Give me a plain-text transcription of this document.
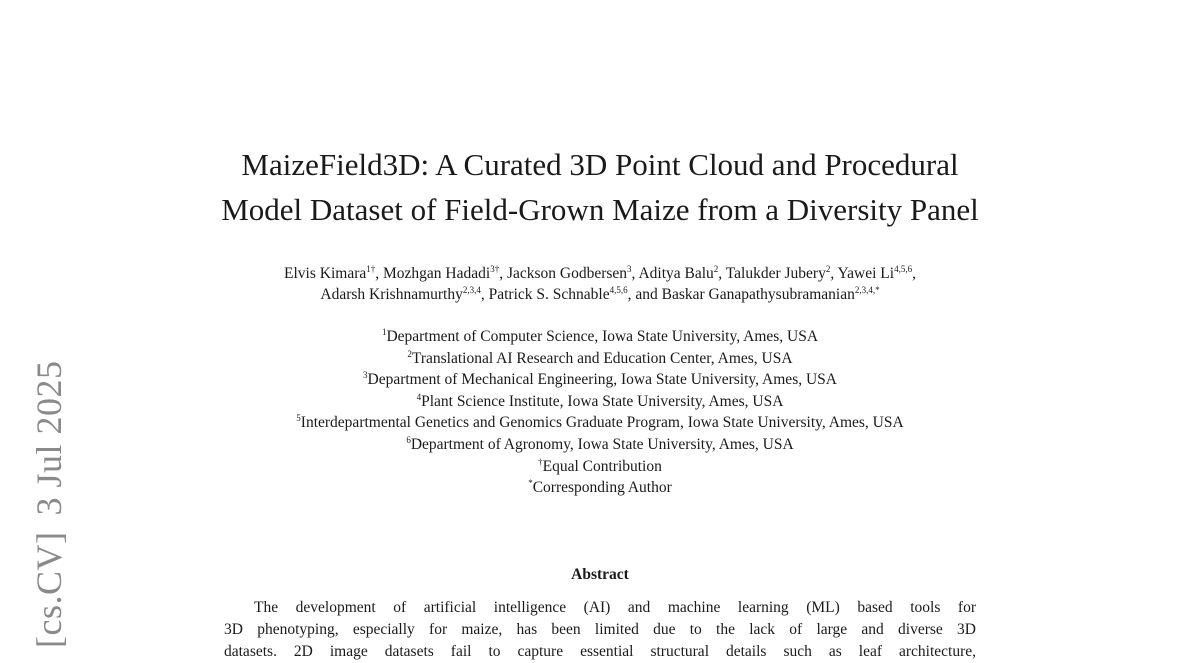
[cs.CV]3 Jul 2025
MaizeField3D: A Curated 3D Point Cloud and Procedural
Model Dataset of Field-Grown Maize from a Diversity Panel
Elvis Kimara$^{1\dagger}$, Mozhgan Hadadi$^{3\dagger}$, Jackson Godbersen$^3$, Aditya Balu$^2$, Talukder Jubery$^2$, Yawei Li$^{4,5,6}$,
Adarsh Krishnamurthy$^{2,3,4}$, Patrick S. Schnable$^{4,5,6}$, and Baskar Ganapathysubramanian$^{2,3,4,*}$
$^1$Department of Computer Science, Iowa State University, Ames, USA
$^2$Translational AI Research and Education Center, Ames, USA
$^3$Department of Mechanical Engineering, Iowa State University, Ames, USA
$^4$Plant Science Institute, Iowa State University, Ames, USA
$^5$Interdepartmental Genetics and Genomics Graduate Program, Iowa State University, Ames, USA
$^6$Department of Agronomy, Iowa State University, Ames, USA
†Equal Contribution
*Corresponding Author
Abstract
The development of artificial intelligence (AI) and machine learning (ML) based tools for
3D phenotyping, especially for maize, has been limited due to the lack of large and diverse 3D
datasets. 2D image datasets fail to capture essential structural details such as leaf architecture,
